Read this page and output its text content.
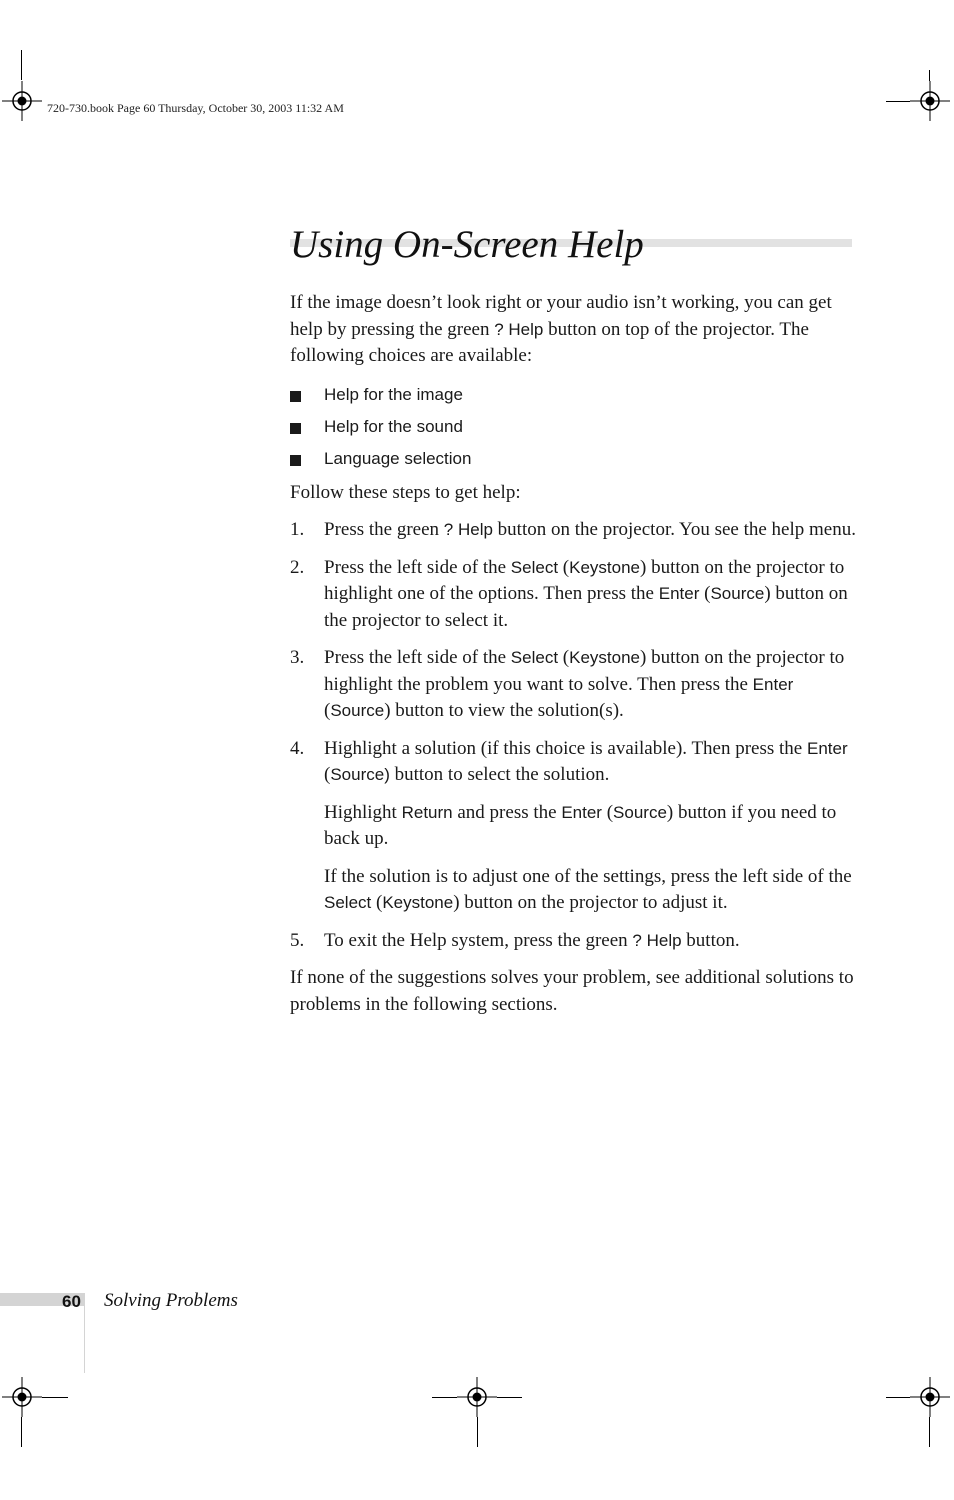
720-730.book Page 60 Thursday, October 30, 2003 11:32 AM
Using On-Screen Help

If the image doesn’t look right or your audio isn’t working, you can get help by pressing the green ? Help button on top of the projector. The following choices are available:

Help for the image
Help for the sound
Language selection

Follow these steps to get help:

1. Press the green ? Help button on the projector. You see the help menu.
2. Press the left side of the Select (Keystone) button on the projector to highlight one of the options. Then press the Enter (Source) button on the projector to select it.
3. Press the left side of the Select (Keystone) button on the projector to highlight the problem you want to solve. Then press the Enter (Source) button to view the solution(s).
4. Highlight a solution (if this choice is available). Then press the Enter (Source) button to select the solution.

Highlight Return and press the Enter (Source) button if you need to back up.

If the solution is to adjust one of the settings, press the left side of the Select (Keystone) button on the projector to adjust it.

5. To exit the Help system, press the green ? Help button.

If none of the suggestions solves your problem, see additional solutions to problems in the following sections.

60 Solving Problems
